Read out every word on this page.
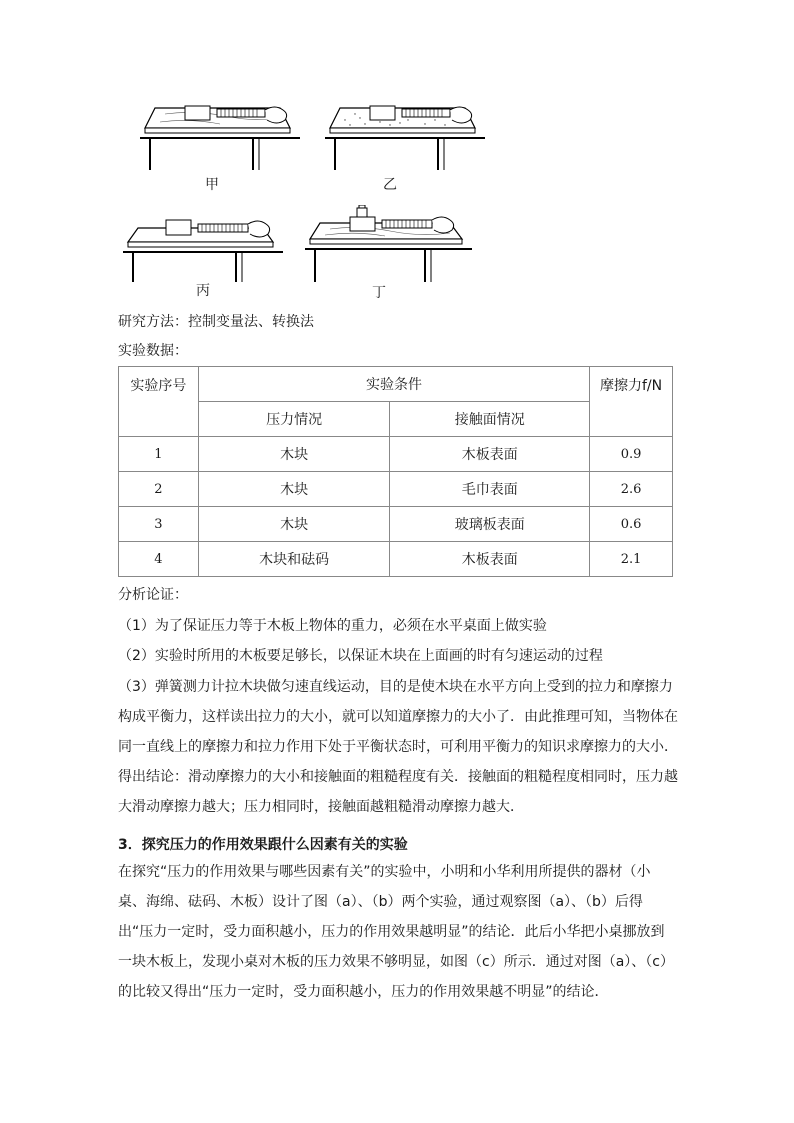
甲	乙
丙	丁
研究方法：控制变量法、转换法
实验数据：
实验序号	实验条件		摩擦力f/N
	压力情况	接触面情况	
1	木块	木板表面	0.9
2	木块	毛巾表面	2.6
3	木块	玻璃板表面	0.6
4	木块和砝码	木板表面	2.1
分析论证：
（1）为了保证压力等于木板上物体的重力，必须在水平桌面上做实验
（2）实验时所用的木板要足够长，以保证木块在上面画的时有匀速运动的过程
（3）弹簧测力计拉木块做匀速直线运动，目的是使木块在水平方向上受到的拉力和摩擦力构成平衡力，这样读出拉力的大小，就可以知道摩擦力的大小了．由此推理可知，当物体在同一直线上的摩擦力和拉力作用下处于平衡状态时，可利用平衡力的知识求摩擦力的大小．得出结论：滑动摩擦力的大小和接触面的粗糙程度有关．接触面的粗糙程度相同时，压力越大滑动摩擦力越大；压力相同时，接触面越粗糙滑动摩擦力越大．
3．探究压力的作用效果跟什么因素有关的实验
在探究“压力的作用效果与哪些因素有关”的实验中，小明和小华利用所提供的器材（小桌、海绵、砝码、木板）设计了图（a）、（b）两个实验，通过观察图（a）、（b）后得出“压力一定时，受力面积越小，压力的作用效果越明显”的结论．此后小华把小桌挪放到一块木板上，发现小桌对木板的压力效果不够明显，如图（c）所示．通过对图（a）、（c）的比较又得出“压力一定时，受力面积越小，压力的作用效果越不明显”的结论．
